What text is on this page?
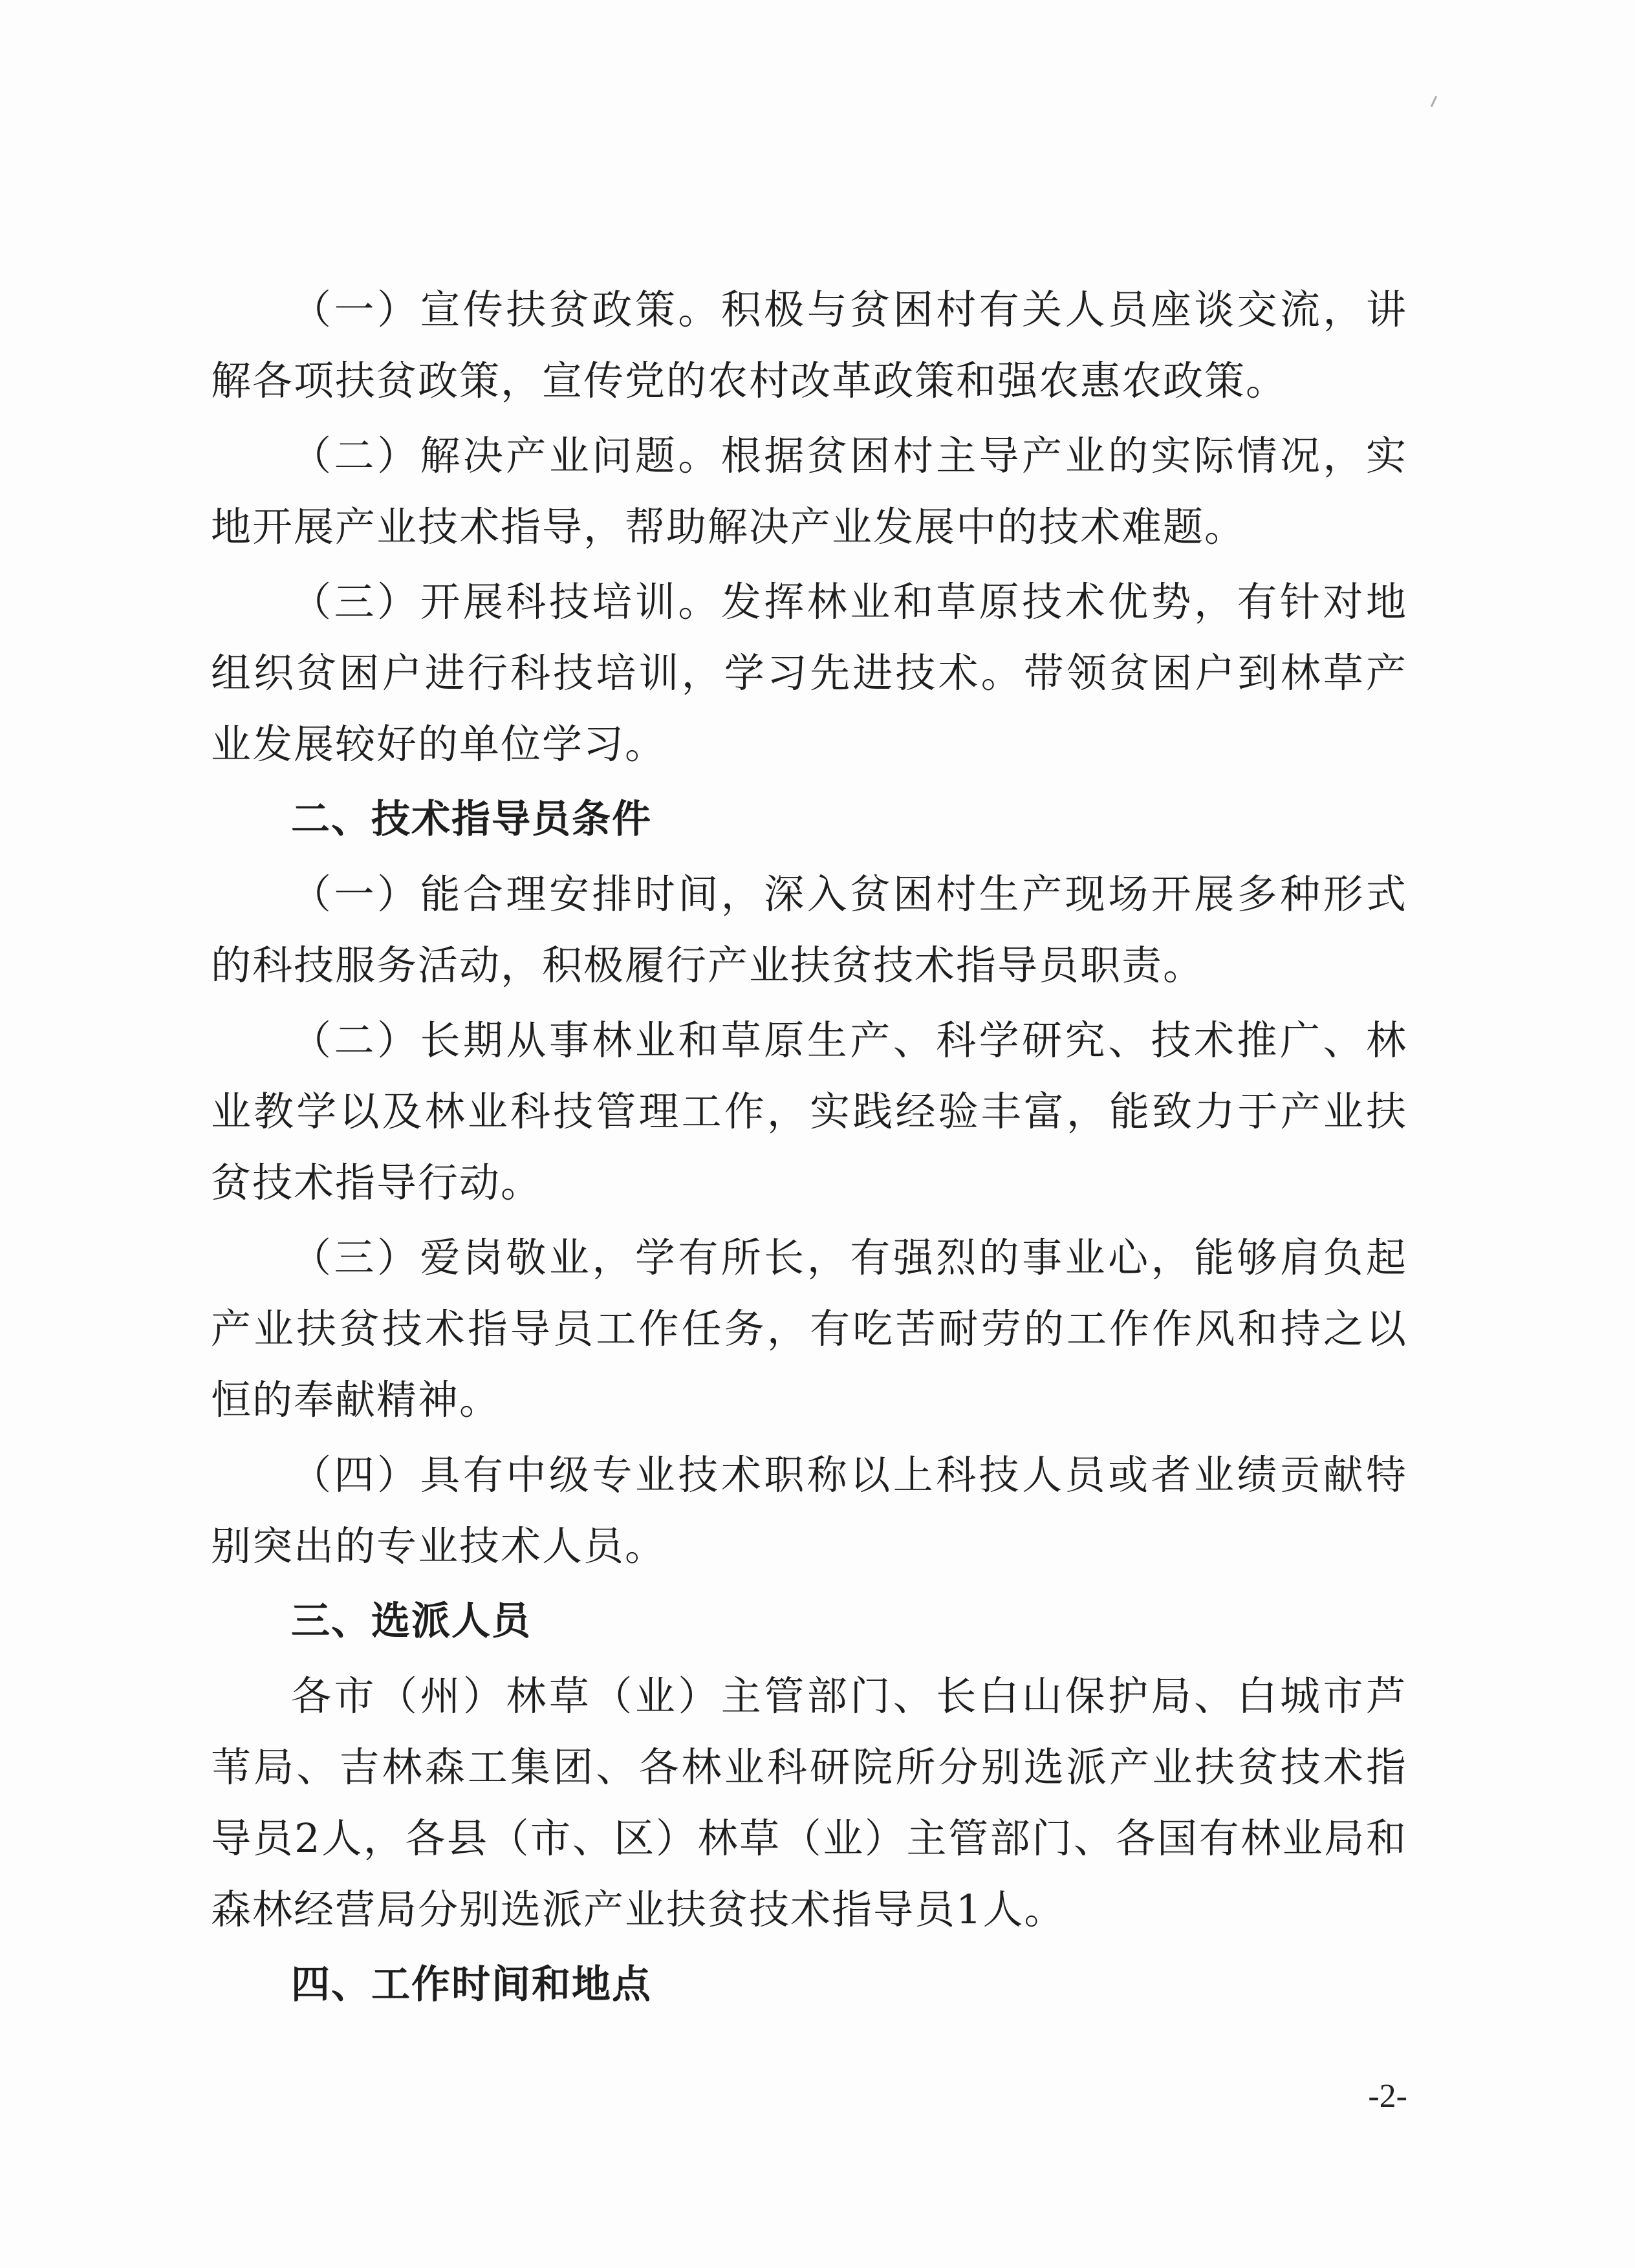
（一）宣传扶贫政策。积极与贫困村有关人员座谈交流，讲解各项扶贫政策，宣传党的农村改革政策和强农惠农政策。

（二）解决产业问题。根据贫困村主导产业的实际情况，实地开展产业技术指导，帮助解决产业发展中的技术难题。

（三）开展科技培训。发挥林业和草原技术优势，有针对地组织贫困户进行科技培训，学习先进技术。带领贫困户到林草产业发展较好的单位学习。

二、技术指导员条件

（一）能合理安排时间，深入贫困村生产现场开展多种形式的科技服务活动，积极履行产业扶贫技术指导员职责。

（二）长期从事林业和草原生产、科学研究、技术推广、林业教学以及林业科技管理工作，实践经验丰富，能致力于产业扶贫技术指导行动。

（三）爱岗敬业，学有所长，有强烈的事业心，能够肩负起产业扶贫技术指导员工作任务，有吃苦耐劳的工作作风和持之以恒的奉献精神。

（四）具有中级专业技术职称以上科技人员或者业绩贡献特别突出的专业技术人员。

三、选派人员

各市（州）林草（业）主管部门、长白山保护局、白城市芦苇局、吉林森工集团、各林业科研院所分别选派产业扶贫技术指导员2人，各县（市、区）林草（业）主管部门、各国有林业局和森林经营局分别选派产业扶贫技术指导员1人。

四、工作时间和地点

-2-
